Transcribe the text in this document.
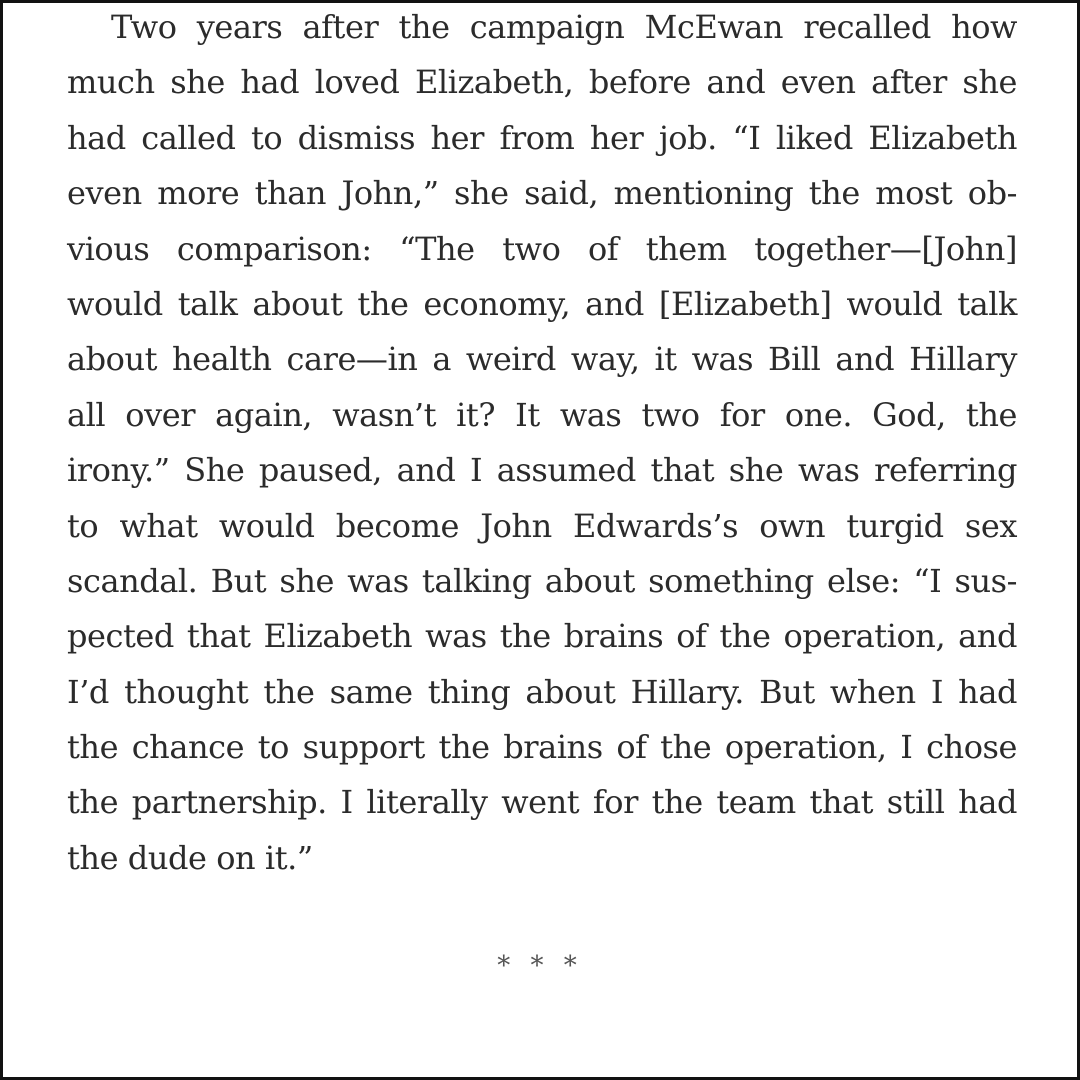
Two years after the campaign McEwan recalled how
much she had loved Elizabeth, before and even after she
had called to dismiss her from her job. “I liked Elizabeth
even more than John,” she said, mentioning the most ob-
vious comparison: “The two of them together—[John]
would talk about the economy, and [Elizabeth] would talk
about health care—in a weird way, it was Bill and Hillary
all over again, wasn’t it? It was two for one. God, the
irony.” She paused, and I assumed that she was referring
to what would become John Edwards’s own turgid sex
scandal. But she was talking about something else: “I sus-
pected that Elizabeth was the brains of the operation, and
I’d thought the same thing about Hillary. But when I had
the chance to support the brains of the operation, I chose
the partnership. I literally went for the team that still had
the dude on it.”
* * *
